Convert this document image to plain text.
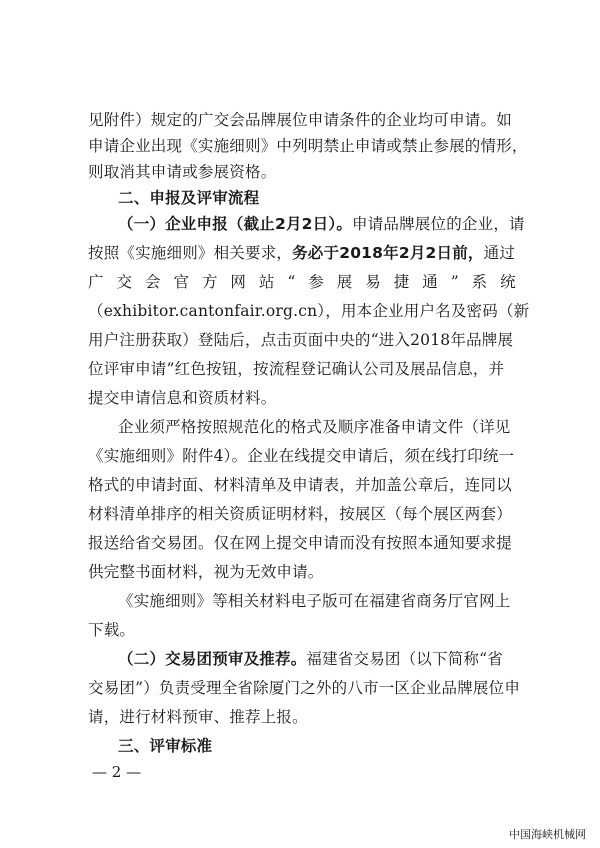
见附件）规定的广交会品牌展位申请条件的企业均可申请。如
申请企业出现《实施细则》中列明禁止申请或禁止参展的情形，
则取消其申请或参展资格。
二、申报及评审流程
（一）企业申报（截止2月2日）。申请品牌展位的企业，请
按照《实施细则》相关要求，务必于2018年2月2日前，通过
广 交 会 官 方 网 站 “ 参 展 易 捷 通 ” 系 统
（exhibitor.cantonfair.org.cn），用本企业用户名及密码（新
用户注册获取）登陆后，点击页面中央的“进入2018年品牌展
位评审申请”红色按钮，按流程登记确认公司及展品信息，并
提交申请信息和资质材料。
企业须严格按照规范化的格式及顺序准备申请文件（详见
《实施细则》附件4）。企业在线提交申请后，须在线打印统一
格式的申请封面、材料清单及申请表，并加盖公章后，连同以
材料清单排序的相关资质证明材料，按展区（每个展区两套）
报送给省交易团。仅在网上提交申请而没有按照本通知要求提
供完整书面材料，视为无效申请。
《实施细则》等相关材料电子版可在福建省商务厅官网上
下载。
（二）交易团预审及推荐。福建省交易团（以下简称“省
交易团”）负责受理全省除厦门之外的八市一区企业品牌展位申
请，进行材料预审、推荐上报。
— 2 —
中国海峡机械网
三、评审标准
